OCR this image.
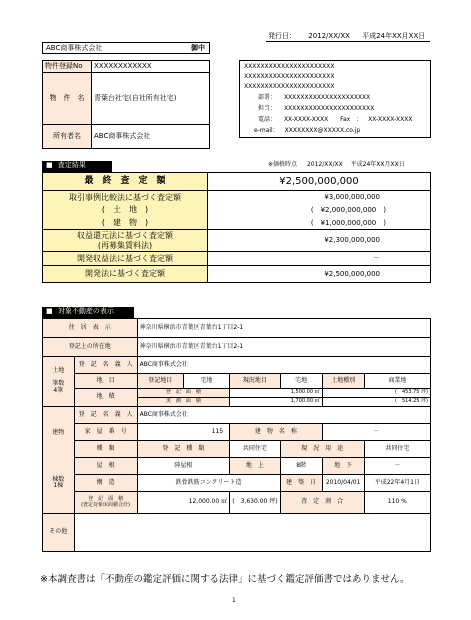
発行日： 2012/XX/XX 平成24年XX月XX日
ABC商事株式会社	御中
物件登録No	XXXXXXXXXXXX
物　件　名	青葉台社宅(自社所有社宅)
所有者名	ABC商事株式会社
XXXXXXXXXXXXXXXXXXXXXX
XXXXXXXXXXXXXXXXXXXXXX
XXXXXXXXXXXXXXXXXXXXXX
部署： XXXXXXXXXXXXXXXXXXXXX
担当： XXXXXXXXXXXXXXXXXXXXXX
電話： XX-XXXX-XXXX Fax　： XX-XXXX-XXXX
e-mail： XXXXXXXX@XXXXX.co.jp
■ 査定結果	※価格時点 2012/XX/XX 平成24年XX月XX日
最　終　査　定　額	¥2,500,000,000
取引事例比較法に基づく査定額	¥3,000,000,000
(　土　地　)	(　¥2,000,000,000　)
(　建　物　)	(　¥1,000,000,000　)

収益還元法に基づく査定額
(再募集賃料法)	¥2,300,000,000
開発収益法に基づく査定額	－
開発法に基づく査定額	¥2,500,000,000
■ 対象不動産の表示
住　居　表　示		神奈川県横浜市青葉区青葉台1丁目2-1					
登記上の所在地		神奈川県横浜市青葉区青葉台1丁目2-1					

土地
筆数
4筆	登　記　名　義　人	ABC商事株式会社					
	地　目	登記地目	宅地	現況地目	宅地	土地種別	商業地
	地　積	登　記　面　積		1,500.00 ㎡		(　453.75 坪)	
		実　測　面　積		1,700.00 ㎡		(　514.25 坪)	

建物
棟数
1棟	登　記　名　義　人	ABC商事株式会社					
	家　屋　番　号	115		建　物　名　称		－	
	種　類	登　記　種　類		共同住宅	現　況　用　途		共同住宅
	屋　根	陸屋根		地　上	8階	地　下	－
	構　造	鉄骨鉄筋コンクリート造			建　築　日	2010/04/01	平成22年4月1日

	登　記　面　積
(査定対象床面積合計)	12,000.00 ㎡		(　3,630.00 坪)	査　定　割　合		110 %
その他							
※本調査書は「不動産の鑑定評価に関する法律」に基づく鑑定評価書ではありません。
1
